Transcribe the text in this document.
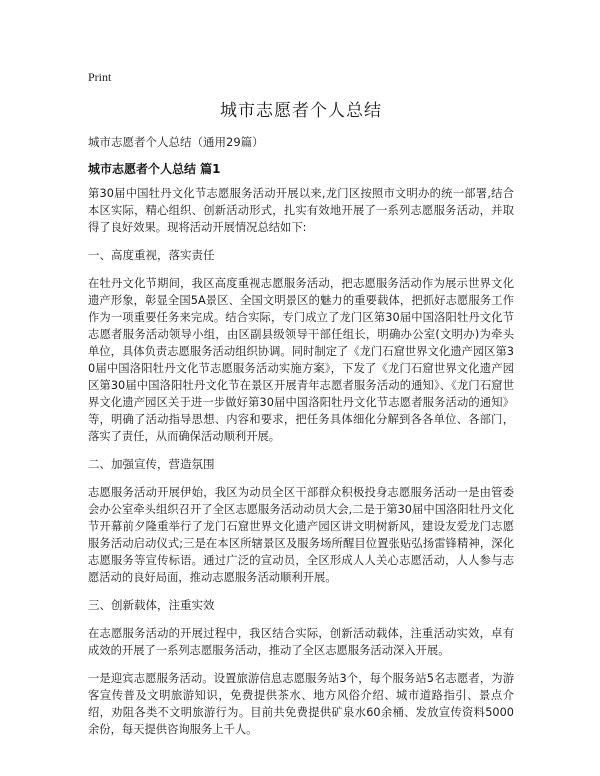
Print
城市志愿者个人总结
城市志愿者个人总结（通用29篇）
城市志愿者个人总结 篇1

第30届中国牡丹文化节志愿服务活动开展以来,龙门区按照市文明办的统一部署,结合本区实际，精心组织、创新活动形式，扎实有效地开展了一系列志愿服务活动，并取得了良好效果。现将活动开展情况总结如下:

一、高度重视，落实责任

在牡丹文化节期间，我区高度重视志愿服务活动，把志愿服务活动作为展示世界文化遗产形象，彰显全国5A景区、全国文明景区的魅力的重要载体，把抓好志愿服务工作作为一项重要任务来完成。结合实际，专门成立了龙门区第30届中国洛阳牡丹文化节志愿者服务活动领导小组，由区副县级领导干部任组长，明确办公室(文明办)为牵头单位，具体负责志愿服务活动组织协调。同时制定了《龙门石窟世界文化遗产园区第30届中国洛阳牡丹文化节志愿服务活动实施方案》，下发了《龙门石窟世界文化遗产园区第30届中国洛阳牡丹文化节在景区开展青年志愿者服务活动的通知》、《龙门石窟世界文化遗产园区关于进一步做好第30届中国洛阳牡丹文化节志愿者服务活动的通知》等，明确了活动指导思想、内容和要求，把任务具体细化分解到各各单位、各部门，落实了责任，从而确保活动顺利开展。

二、加强宣传，营造氛围

志愿服务活动开展伊始，我区为动员全区干部群众积极投身志愿服务活动一是由管委会办公室牵头组织召开了全区志愿服务活动动员大会,二是于第30届中国洛阳牡丹文化节开幕前夕隆重举行了龙门石窟世界文化遗产园区讲文明树新风，建设友爱龙门志愿服务活动启动仪式;三是在本区所辖景区及服务场所醒目位置张贴弘扬雷锋精神，深化志愿服务等宣传标语。通过广泛的宣动员，全区形成人人关心志愿活动，人人参与志愿活动的良好局面，推动志愿服务活动顺利开展。

三、创新载体，注重实效

在志愿服务活动的开展过程中，我区结合实际，创新活动载体，注重活动实效，卓有成效的开展了一系列志愿服务活动，推动了全区志愿服务活动深入开展。

一是迎宾志愿服务活动。设置旅游信息志愿服务站3个，每个服务站5名志愿者，为游客宣传普及文明旅游知识，免费提供茶水、地方风俗介绍、城市道路指引、景点介绍，劝阻各类不文明旅游行为。目前共免费提供矿泉水60余桶、发放宣传资料5000余份，每天提供咨询服务上千人。
